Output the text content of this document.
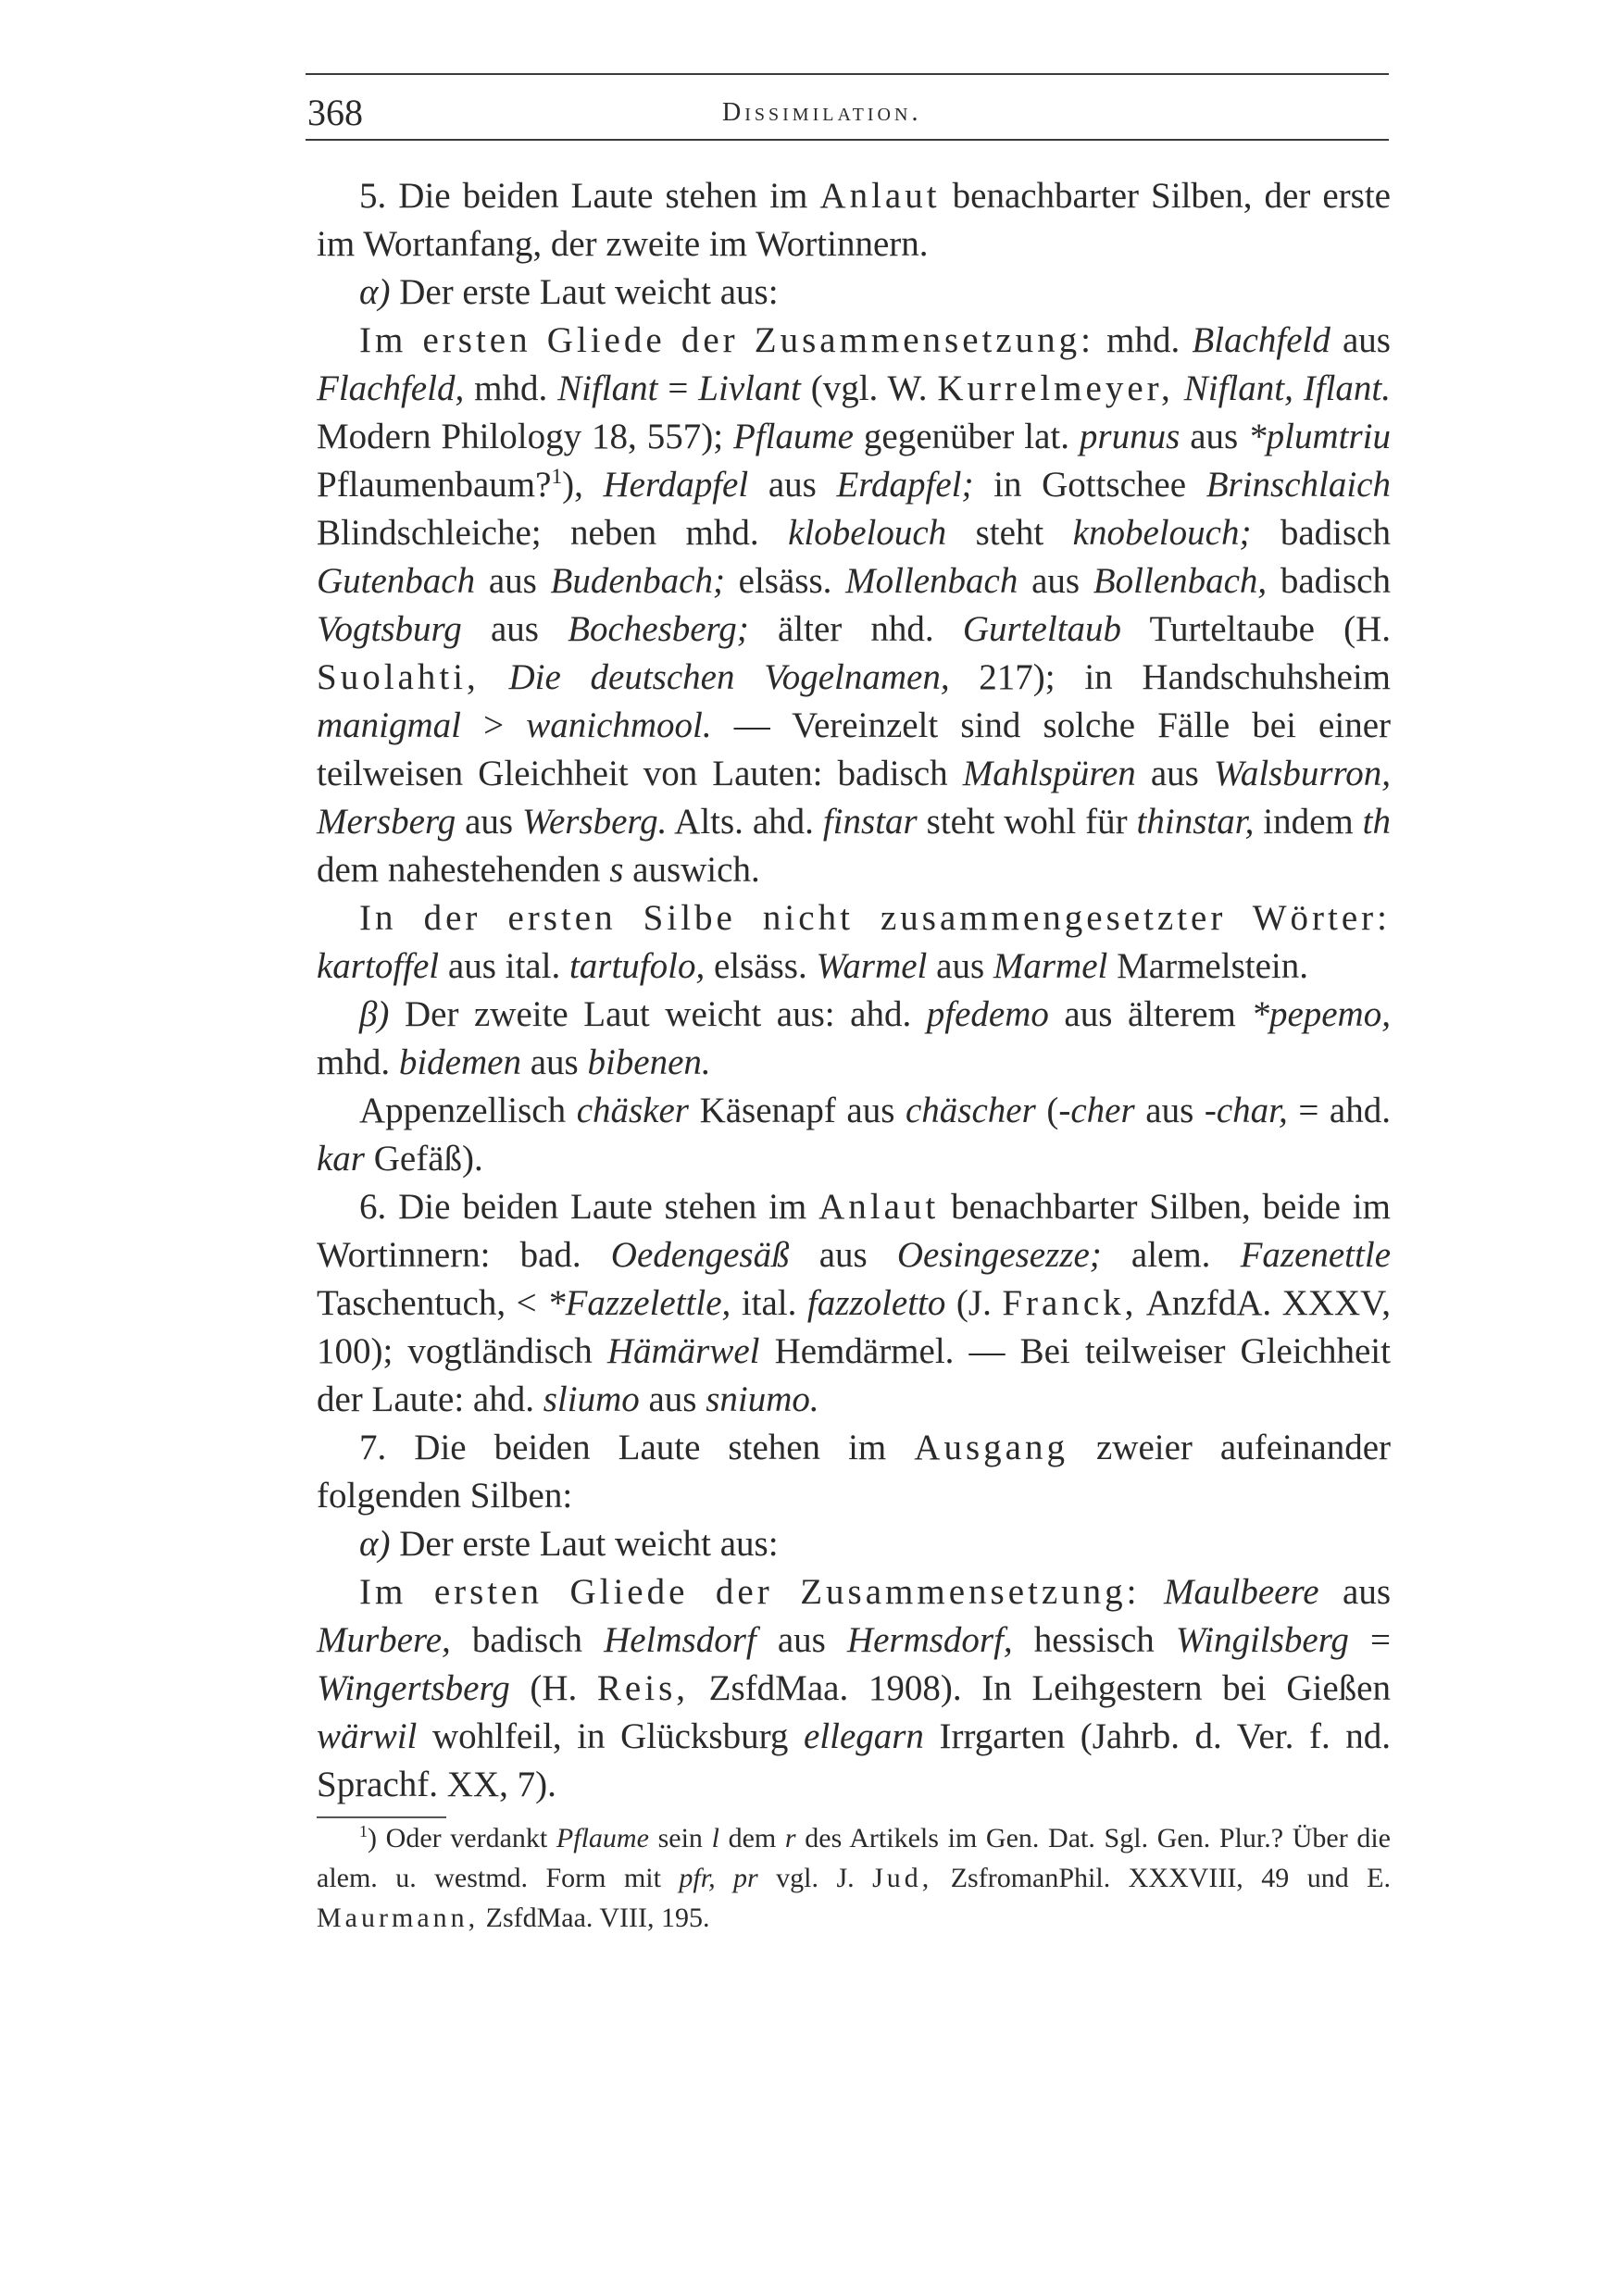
368	Dissimilation.

5. Die beiden Laute stehen im Anlaut benachbarter Silben, der erste im Wortanfang, der zweite im Wortinnern.

α) Der erste Laut weicht aus:

Im ersten Gliede der Zusammensetzung: mhd. Blachfeld aus Flachfeld, mhd. Niflant = Livlant (vgl. W. Kurrelmeyer, Niflant, Iflant. Modern Philology 18, 557); Pflaume gegenüber lat. prunus aus *plumtriu Pflaumenbaum?$^1$), Herdapfel aus Erdapfel; in Gottschee Brinschlaich Blindschleiche; neben mhd. klobelouch steht knobelouch; badisch Gutenbach aus Budenbach; elsäss. Mollenbach aus Bollenbach, badisch Vogtsburg aus Bochesberg; älter nhd. Gurteltaub Turteltaube (H. Suolahti, Die deutschen Vogelnamen, 217); in Handschuhsheim manigmal > wanichmool. — Vereinzelt sind solche Fälle bei einer teilweisen Gleichheit von Lauten: badisch Mahlspüren aus Walsburron, Mersberg aus Wersberg. Alts. ahd. finstar steht wohl für thinstar, indem th dem nahestehenden s auswich.

In der ersten Silbe nicht zusammengesetzter Wörter: kartoffel aus ital. tartufolo, elsäss. Warmel aus Marmel Marmelstein.

β) Der zweite Laut weicht aus: ahd. pfedemo aus älterem *pepemo, mhd. bidemen aus bibenen.

Appenzellisch chäsker Käsenapf aus chäscher (-cher aus -char, = ahd. kar Gefäß).

6. Die beiden Laute stehen im Anlaut benachbarter Silben, beide im Wortinnern: bad. Oedengesäß aus Oesingesezze; alem. Fazenettle Taschentuch, < *Fazzelettle, ital. fazzoletto (J. Franck, AnzfdA. XXXV, 100); vogtländisch Hämärwel Hemdärmel. — Bei teilweiser Gleichheit der Laute: ahd. sliumo aus sniumo.

7. Die beiden Laute stehen im Ausgang zweier aufeinander folgenden Silben:

α) Der erste Laut weicht aus:

Im ersten Gliede der Zusammensetzung: Maulbeere aus Murbere, badisch Helmsdorf aus Hermsdorf, hessisch Wingilsberg = Wingertsberg (H. Reis, ZsfdMaa. 1908). In Leihgestern bei Gießen wärwil wohlfeil, in Glücksburg ellegarn Irrgarten (Jahrb. d. Ver. f. nd. Sprachf. XX, 7).

$^1$) Oder verdankt Pflaume sein l dem r des Artikels im Gen. Dat. Sgl. Gen. Plur.? Über die alem. u. westmd. Form mit pfr, pr vgl. J. Jud, ZsfromanPhil. XXXVIII, 49 und E. Maurmann, ZsfdMaa. VIII, 195.
